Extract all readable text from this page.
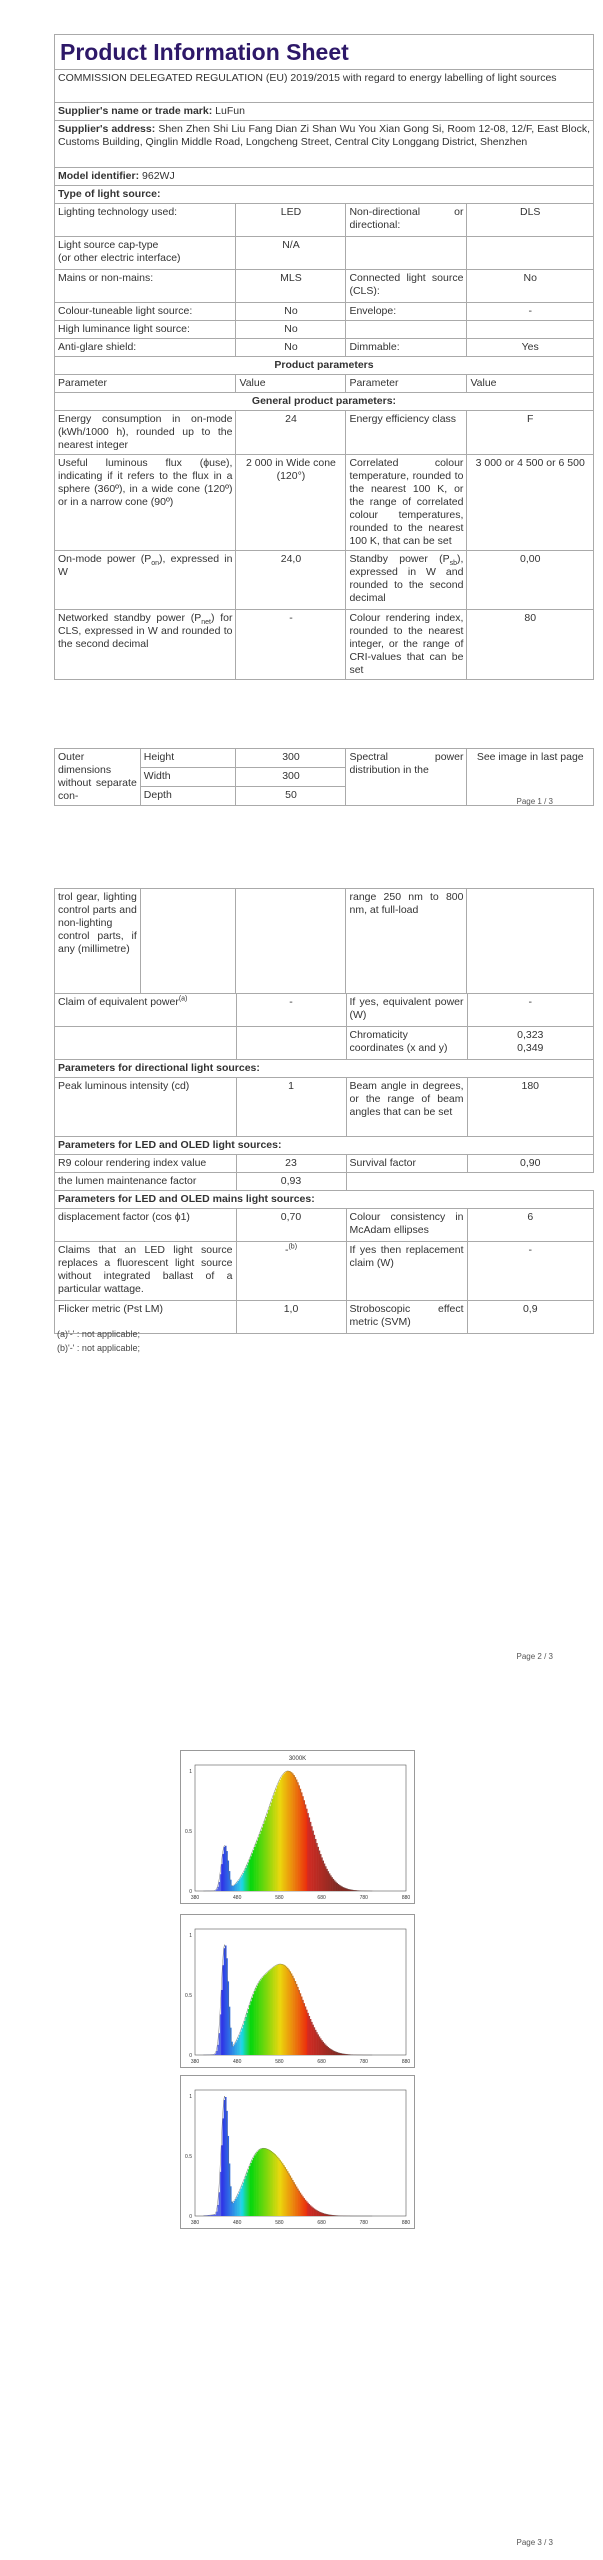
Product Information Sheet			
COMMISSION DELEGATED REGULATION (EU) 2019/2015 with regard to energy labelling of light sources			
Supplier's name or trade mark: LuFun			
Supplier's address: Shen Zhen Shi Liu Fang Dian Zi Shan Wu You Xian Gong Si, Room 12-08, 12/F, East Block, Customs Building, Qinglin Middle Road, Longcheng Street, Central City Longgang District, Shenzhen			
Model identifier: 962WJ			
Type of light source:			
Lighting technology used:	LED	Non-directional or directional:	DLS
Light source cap-type
(or other electric interface)	N/A		
Mains or non-mains:	MLS	Connected light source (CLS):	No
Colour-tuneable light source:	No	Envelope:	-
High luminance light source:	No		
Anti-glare shield:	No	Dimmable:	Yes
Product parameters			
Parameter	Value	Parameter	Value
General product parameters:			
Energy consumption in on-mode (kWh/1000 h), rounded up to the nearest integer	24	Energy efficiency class	F
Useful luminous flux (ϕuse), indicating if it refers to the flux in a sphere (360º), in a wide cone (120º) or in a narrow cone (90º)	2 000 in Wide cone (120°)	Correlated colour temperature, rounded to the nearest 100 K, or the range of correlated colour temperatures, rounded to the nearest 100 K, that can be set	3 000 or 4 500 or 6 500
On-mode power $(P_{on})$, expressed in W	24,0	Standby power $(P_{sb})$, expressed in W and rounded to the second decimal	0,00
Networked standby power $(P_{net})$ for CLS, expressed in W and rounded to the second decimal	-	Colour rendering index, rounded to the nearest integer, or the range of CRI-values that can be set	80
Outer dimensions without separate con-	Height	300	Spectral power distribution in the	See image in last page
	Width	300		
	Depth	50		
Page 1 / 3
trol gear, lighting control parts and non-lighting control parts, if any (millimetre)			range 250 nm to 800 nm, at full-load	
Claim of equivalent power$^{(a)}$	-	If yes, equivalent power (W)	-
		Chromaticity coordinates (x and y)	0,323
0,349
Parameters for directional light sources:			
Peak luminous intensity (cd)	1	Beam angle in degrees, or the range of beam angles that can be set	180
Parameters for LED and OLED light sources:			
R9 colour rendering index value	23	Survival factor	0,90
the lumen maintenance factor	0,93		
Parameters for LED and OLED mains light sources:			
displacement factor (cos ϕ1)	0,70	Colour consistency in McAdam ellipses	6
Claims that an LED light source replaces a fluorescent light source without integrated ballast of a particular wattage.	-$^{(b)}$	If yes then replacement claim (W)	-
Flicker metric (Pst LM)	1,0	Stroboscopic effect metric (SVM)	0,9
(a)'-' : not applicable;
(b)'-' : not applicable;
Page 2 / 3
3000K
380	480	580	680	780	880
1
0.5
0
380	480	580	680	780	880
1
0.5
0
380	480	580	680	780	880
1
0.5
0
Page 3 / 3
